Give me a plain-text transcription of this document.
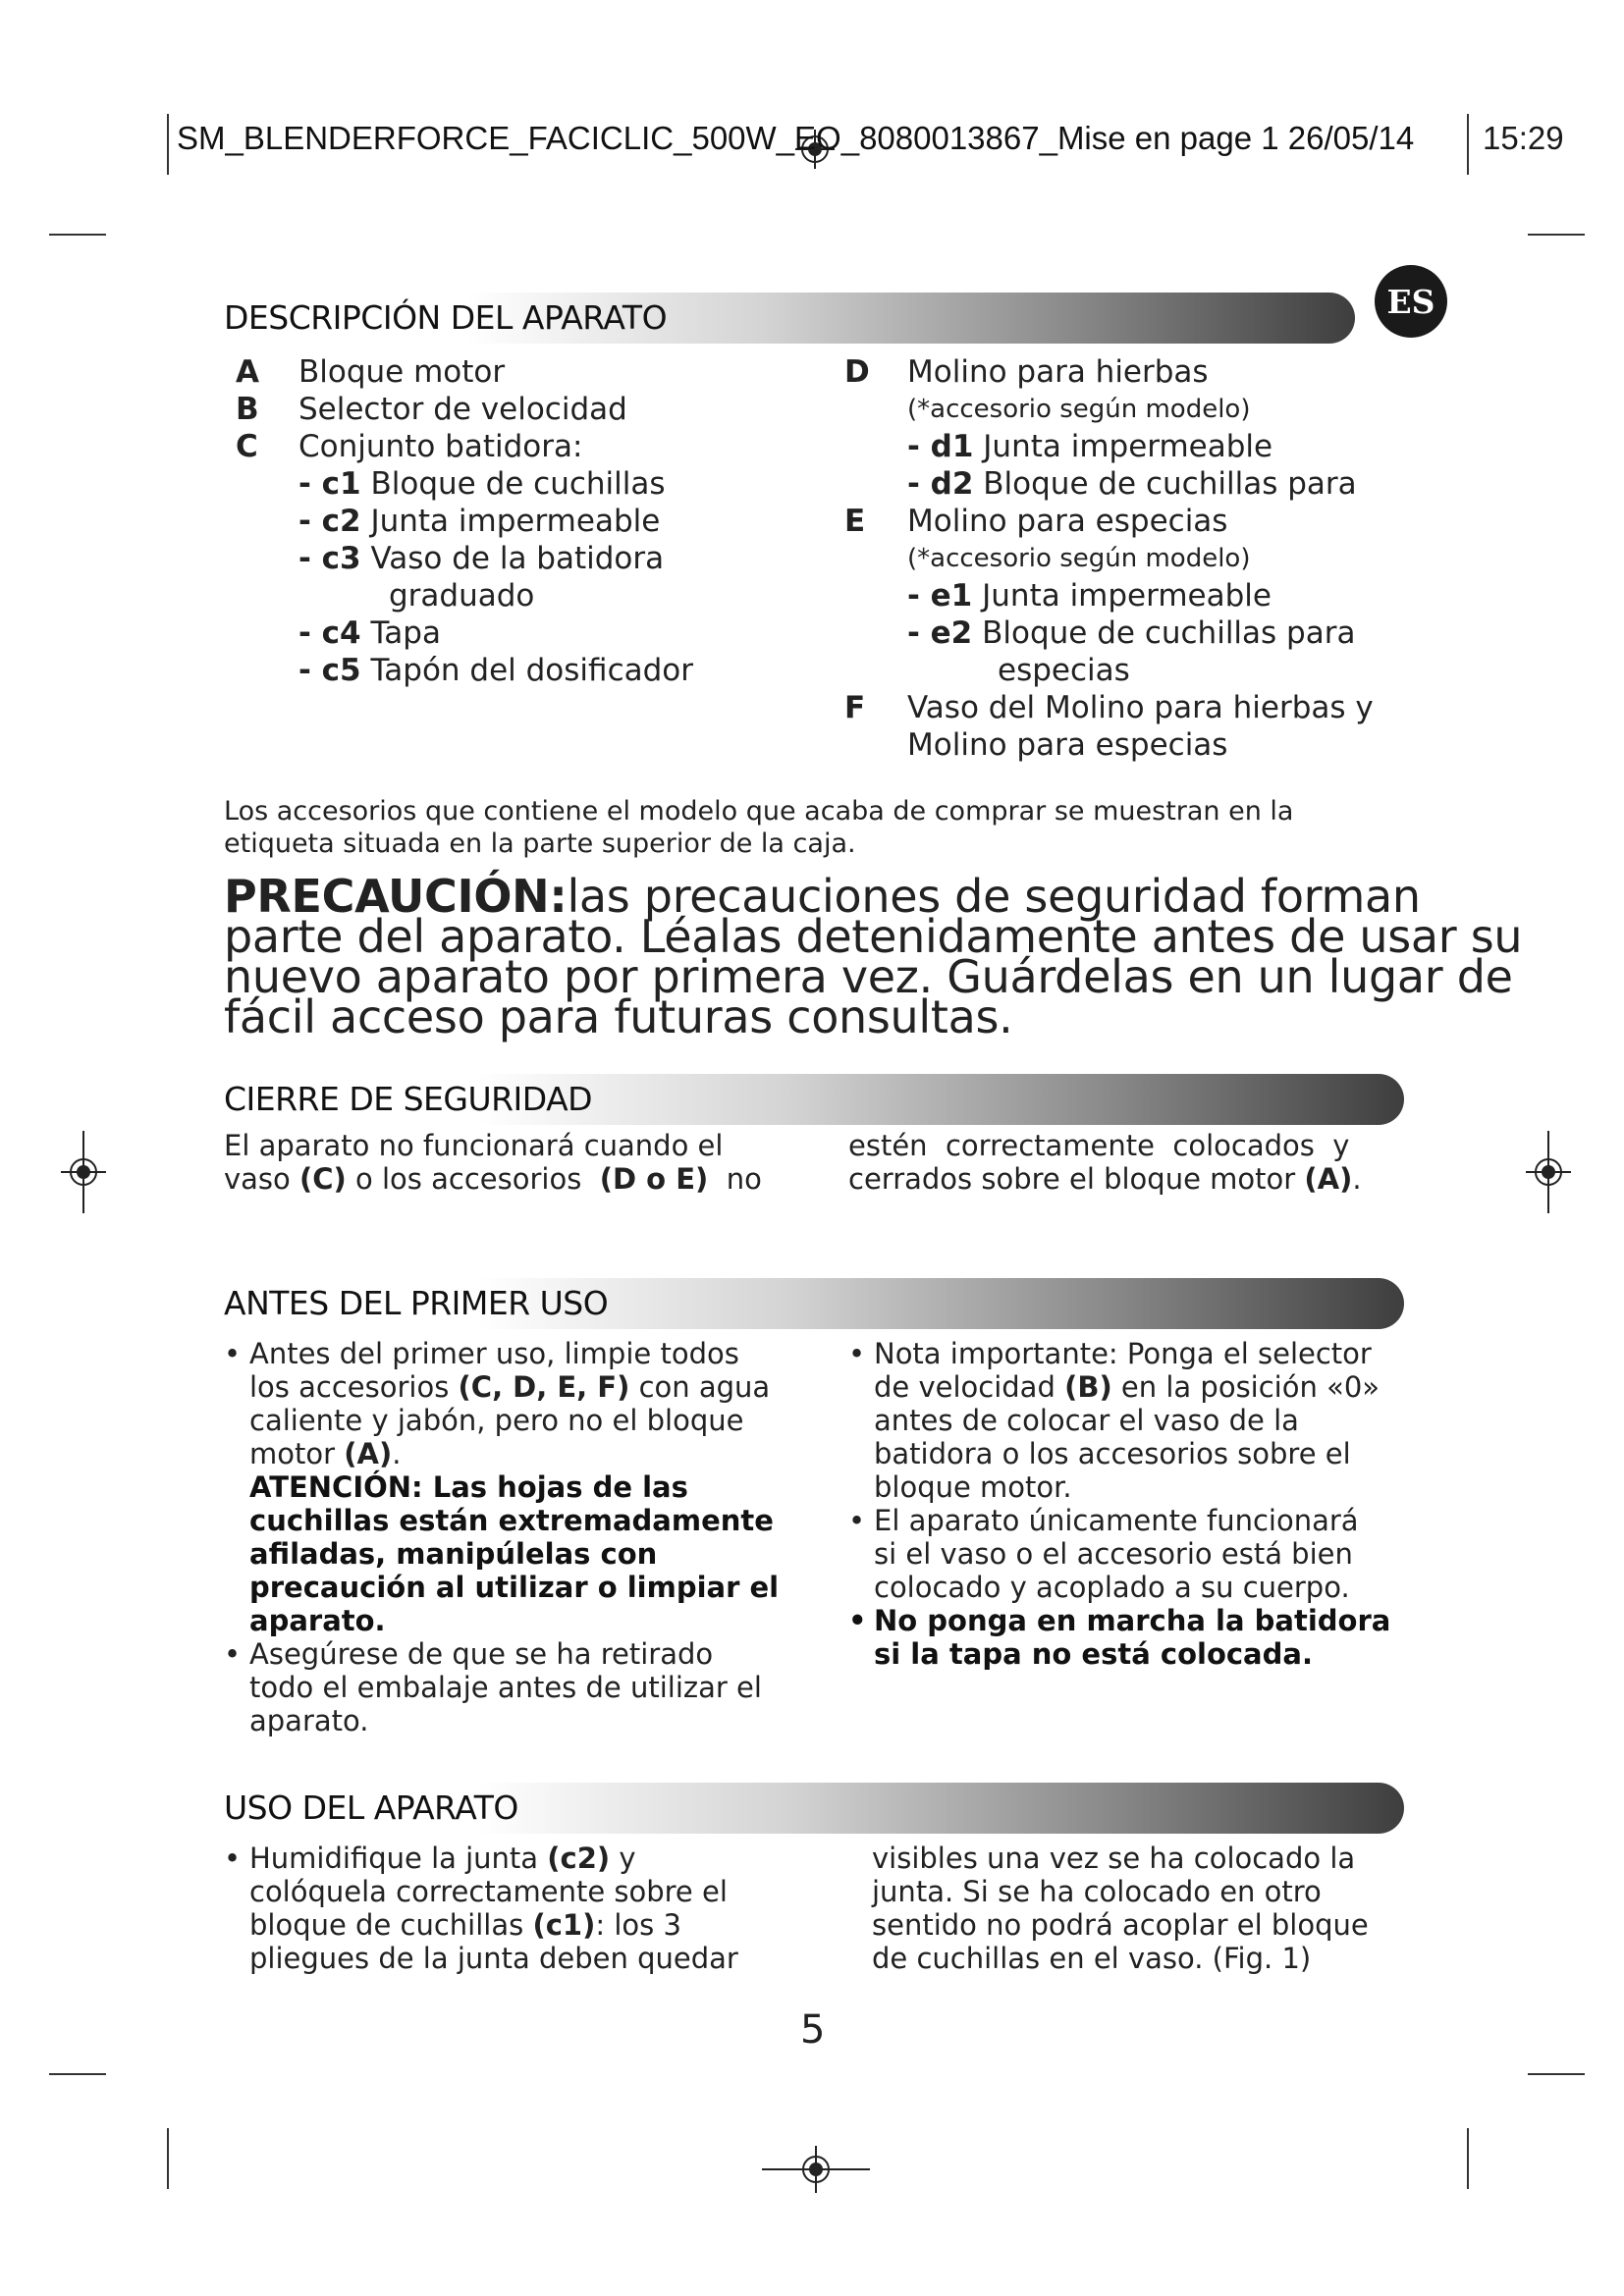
SM_BLENDERFORCE_FACICLIC_500W_EO_8080013867_Mise en page 1 26/05/14 15:29
ES
DESCRIPCIÓN DEL APARATO
A Bloque motor
B Selector de velocidad
C Conjunto batidora:
- c1 Bloque de cuchillas
- c2 Junta impermeable
- c3 Vaso de la batidora
graduado
- c4 Tapa
- c5 Tapón del dosificador
D Molino para hierbas
(*accesorio según modelo)
- d1 Junta impermeable
- d2 Bloque de cuchillas para
E Molino para especias
(*accesorio según modelo)
- e1 Junta impermeable
- e2 Bloque de cuchillas para
especias
F Vaso del Molino para hierbas y
Molino para especias
Los accesorios que contiene el modelo que acaba de comprar se muestran en la
etiqueta situada en la parte superior de la caja.
PRECAUCIÓN:las precauciones de seguridad forman
parte del aparato. Léalas detenidamente antes de usar su
nuevo aparato por primera vez. Guárdelas en un lugar de
fácil acceso para futuras consultas.
CIERRE DE SEGURIDAD
El aparato no funcionará cuando el
vaso (C) o los accesorios  (D o E)  no
estén  correctamente  colocados  y
cerrados sobre el bloque motor (A).
ANTES DEL PRIMER USO
• Antes del primer uso, limpie todos
los accesorios (C, D, E, F) con agua
caliente y jabón, pero no el bloque
motor (A).
ATENCIÓN: Las hojas de las
cuchillas están extremadamente
afiladas, manipúlelas con
precaución al utilizar o limpiar el
aparato.
• Asegúrese de que se ha retirado
todo el embalaje antes de utilizar el
aparato.
• Nota importante: Ponga el selector
de velocidad (B) en la posición «0»
antes de colocar el vaso de la
batidora o los accesorios sobre el
bloque motor.
• El aparato únicamente funcionará
si el vaso o el accesorio está bien
colocado y acoplado a su cuerpo.
• No ponga en marcha la batidora
si la tapa no está colocada.
USO DEL APARATO
• Humidifique la junta (c2) y
colóquela correctamente sobre el
bloque de cuchillas (c1): los 3
pliegues de la junta deben quedar
visibles una vez se ha colocado la
junta. Si se ha colocado en otro
sentido no podrá acoplar el bloque
de cuchillas en el vaso. (Fig. 1)
5
